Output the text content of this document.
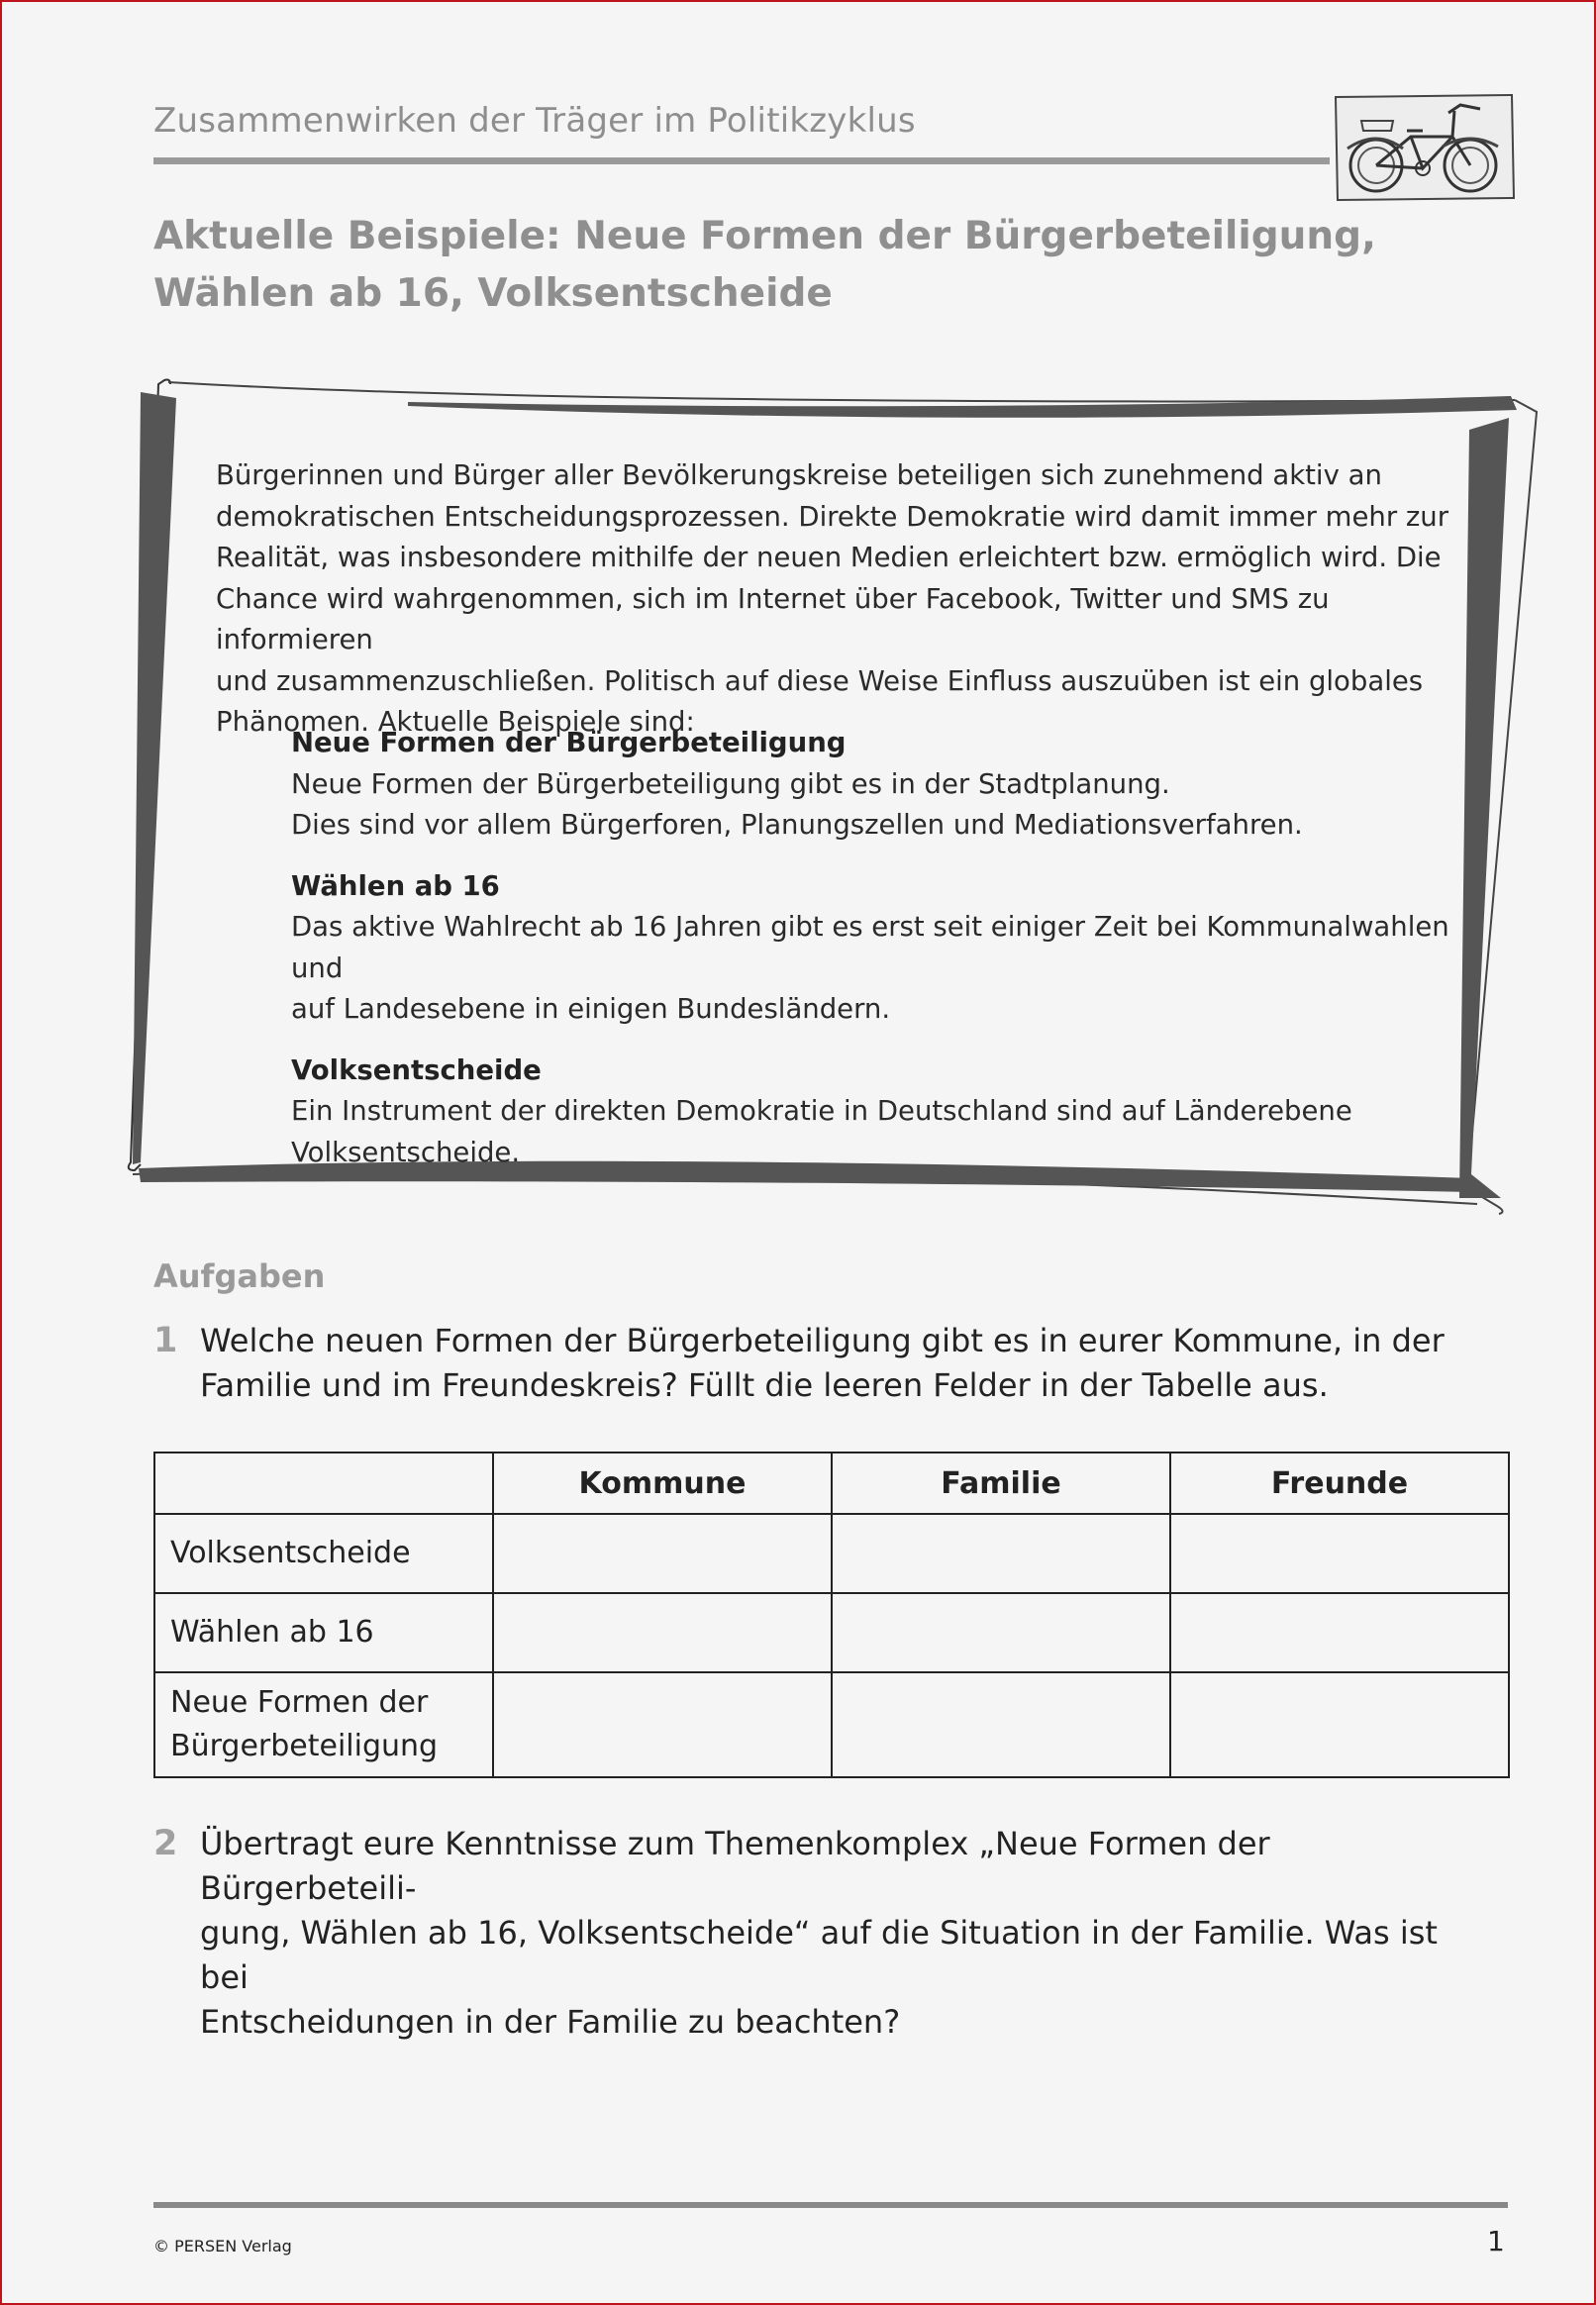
Zusammenwirken der Träger im Politikzyklus
Aktuelle Beispiele: Neue Formen der Bürgerbeteiligung,
Wählen ab 16, Volksentscheide
Bürgerinnen und Bürger aller Bevölkerungskreise beteiligen sich zunehmend aktiv an
demokratischen Entscheidungsprozessen. Direkte Demokratie wird damit immer mehr zur
Realität, was insbesondere mithilfe der neuen Medien erleichtert bzw. ermöglich wird. Die
Chance wird wahrgenommen, sich im Internet über Facebook, Twitter und SMS zu informieren
und zusammenzuschließen. Politisch auf diese Weise Einfluss auszuüben ist ein globales
Phänomen. Aktuelle Beispiele sind:
Neue Formen der Bürgerbeteiligung
Neue Formen der Bürgerbeteiligung gibt es in der Stadtplanung.
Dies sind vor allem Bürgerforen, Planungszellen und Mediationsverfahren.
Wählen ab 16
Das aktive Wahlrecht ab 16 Jahren gibt es erst seit einiger Zeit bei Kommunalwahlen und
auf Landesebene in einigen Bundesländern.
Volksentscheide
Ein Instrument der direkten Demokratie in Deutschland sind auf Länderebene
Volksentscheide.
Aufgaben
1 Welche neuen Formen der Bürgerbeteiligung gibt es in eurer Kommune, in der
Familie und im Freundeskreis? Füllt die leeren Felder in der Tabelle aus.
	Kommune	Familie	Freunde

Volksentscheide			

Wählen ab 16			

Neue Formen der
Bürgerbeteiligung			

2 Übertragt eure Kenntnisse zum Themenkomplex „Neue Formen der Bürgerbeteili-
gung, Wählen ab 16, Volksentscheide“ auf die Situation in der Familie. Was ist bei
Entscheidungen in der Familie zu beachten?
© PERSEN Verlag	1
